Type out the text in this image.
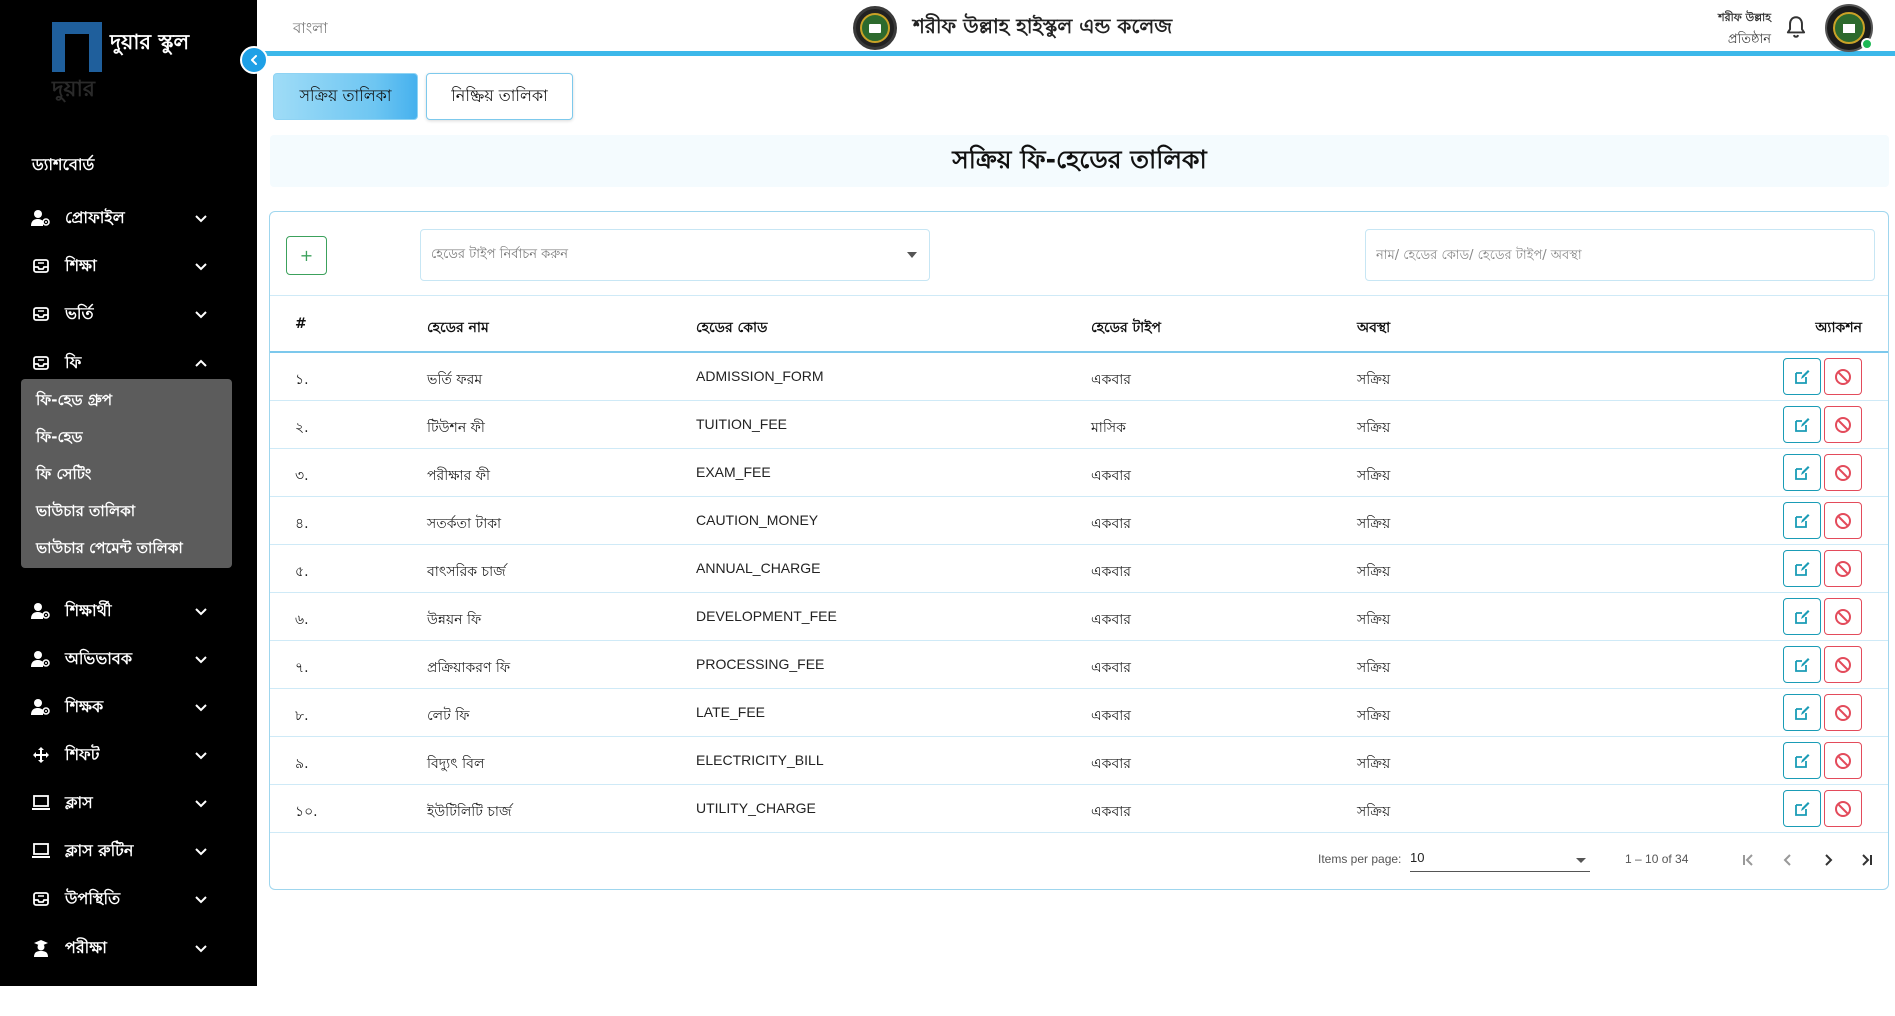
দুয়ার স্কুল
দুয়ার
ড্যাশবোর্ড
প্রোফাইল
শিক্ষা
ভর্তি
ফি
শিক্ষার্থী
অভিভাবক
শিক্ষক
শিফট
ক্লাস
ক্লাস রুটিন
উপস্থিতি
পরীক্ষা
ফলাফল
ফি-হেড গ্রুপ
ফি-হেড
ফি সেটিং
ভাউচার তালিকা
ভাউচার পেমেন্ট তালিকা
বাংলা	শরীফ উল্লাহ হাইস্কুল এন্ড কলেজ	শরীফ উল্লাহ
প্রতিষ্ঠান
সক্রিয় তালিকা	নিষ্ক্রিয় তালিকা
সক্রিয় ফি-হেডের তালিকা
+	হেডের টাইপ নির্বাচন করুন
নাম/ হেডের কোড/ হেডের টাইপ/ অবস্থা
#	হেডের নাম	হেডের কোড	হেডের টাইপ	অবস্থা	অ্যাকশন
১.	ভর্তি ফরম	ADMISSION_FORM	একবার	সক্রিয়
২.	টিউশন ফী	TUITION_FEE	মাসিক	সক্রিয়
৩.	পরীক্ষার ফী	EXAM_FEE	একবার	সক্রিয়
৪.	সতর্কতা টাকা	CAUTION_MONEY	একবার	সক্রিয়
৫.	বাৎসরিক চার্জ	ANNUAL_CHARGE	একবার	সক্রিয়
৬.	উন্নয়ন ফি	DEVELOPMENT_FEE	একবার	সক্রিয়
৭.	প্রক্রিয়াকরণ ফি	PROCESSING_FEE	একবার	সক্রিয়
৮.	লেট ফি	LATE_FEE	একবার	সক্রিয়
৯.	বিদ্যুৎ বিল	ELECTRICITY_BILL	একবার	সক্রিয়
১০.	ইউটিলিটি চার্জ	UTILITY_CHARGE	একবার	সক্রিয়
Items per page: 10	1 – 10 of 34
